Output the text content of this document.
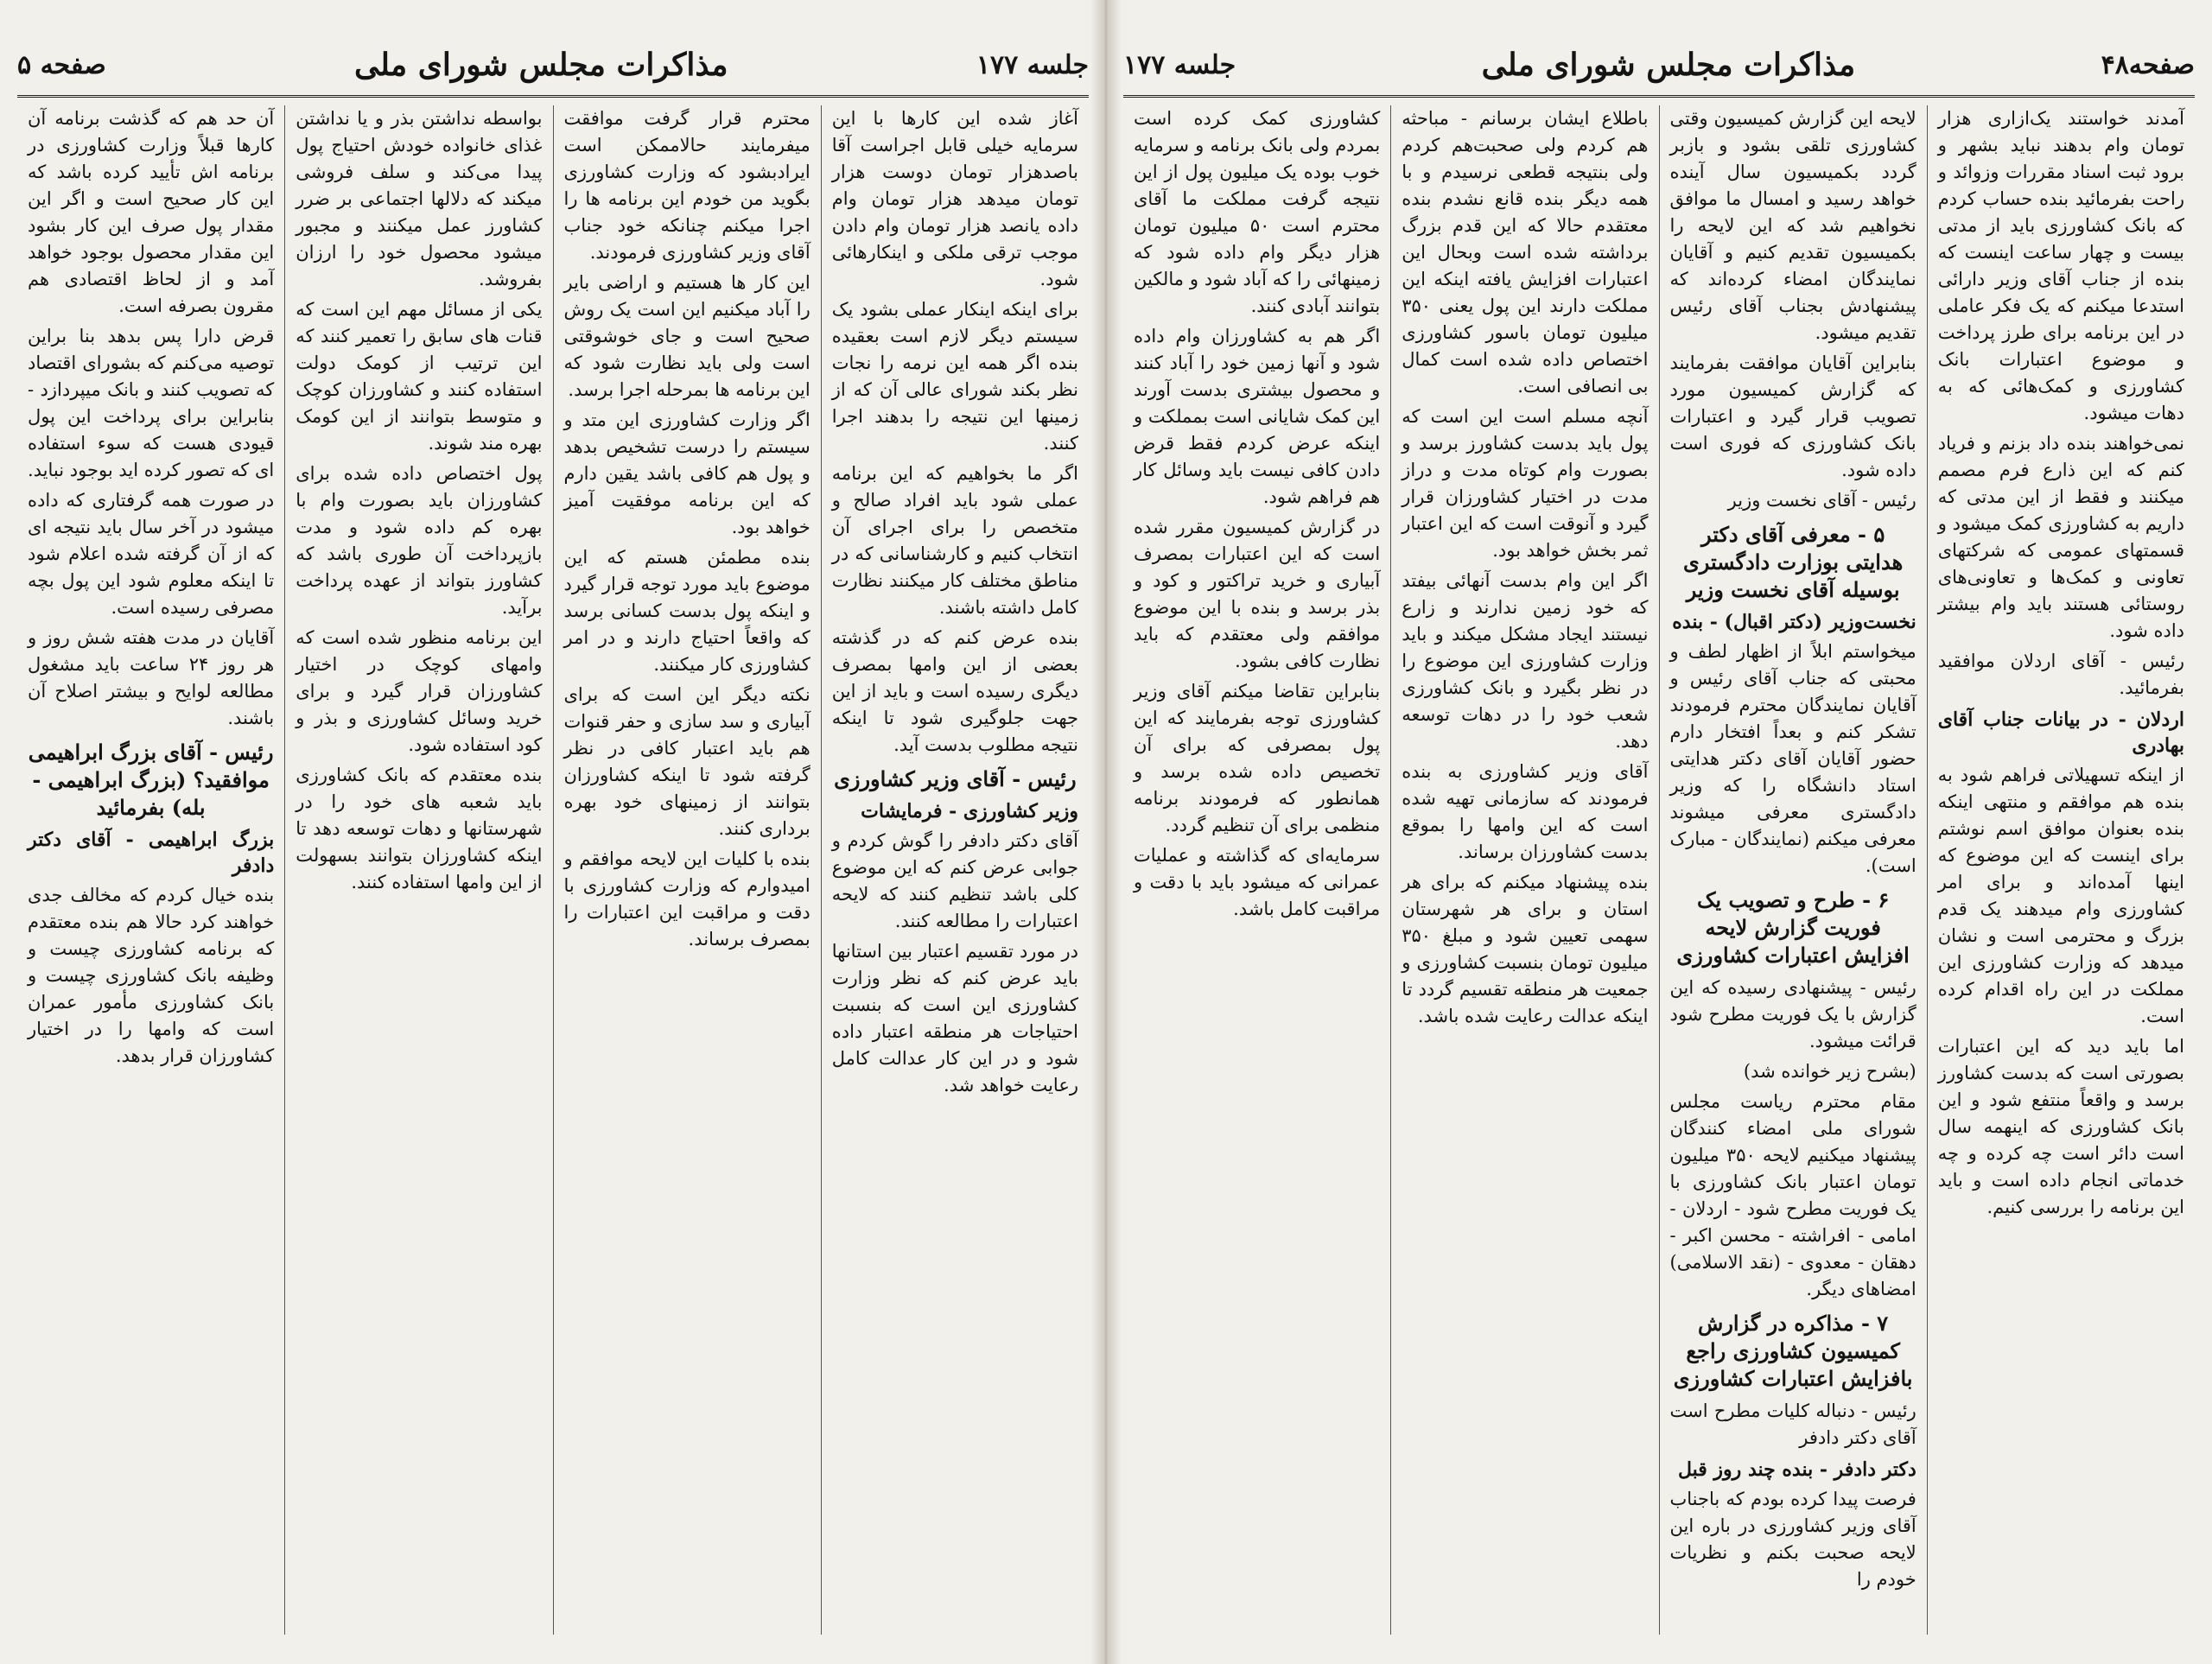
جلسه ۱۷۷
مذاکرات مجلس شورای ملی
صفحه ۵

آغاز شده این کارها با این سرمایه خیلی قابل اجراست آقا باصدهزار تومان دوست هزار تومان میدهد هزار تومان وام داده یانصد هزار تومان وام دادن موجب ترقی ملکی و اینکارهائی شود.

برای اینکه اینکار عملی بشود یک سیستم دیگر لازم است بعقیده بنده اگر همه این نرمه را نجات نظر بکند شورای عالی آن که از زمینها این نتیجه را بدهند اجرا کنند.

اگر ما بخواهیم که این برنامه عملی شود باید افراد صالح و متخصص را برای اجرای آن انتخاب کنیم و کارشناسانی که در مناطق مختلف کار میکنند نظارت کامل داشته باشند.

بنده عرض کنم که در گذشته بعضی از این وامها بمصرف دیگری رسیده است و باید از این جهت جلوگیری شود تا اینکه نتیجه مطلوب بدست آید.

رئیس - آقای وزیر کشاورزی
وزیر کشاورزی - فرمایشات

آقای دکتر دادفر را گوش کردم و جوابی عرض کنم که این موضوع کلی باشد تنظیم کنند که لایحه اعتبارات را مطالعه کنند.

در مورد تقسیم اعتبار بین استانها باید عرض کنم که نظر وزارت کشاورزی این است که بنسبت احتیاجات هر منطقه اعتبار داده شود و در این کار عدالت کامل رعایت خواهد شد.

محترم قرار گرفت موافقت میفرمایند حالاممکن است ایرادبشود که وزارت کشاورزی بگوید من خودم این برنامه ها را اجرا میکنم چنانکه خود جناب آقای وزیر کشاورزی فرمودند.

این کار ها هستیم و اراضی بایر را آباد میکنیم این است یک روش صحیح است و جای خوشوقتی است ولی باید نظارت شود که این برنامه ها بمرحله اجرا برسد.

اگر وزارت کشاورزی این متد و سیستم را درست تشخیص بدهد و پول هم کافی باشد یقین دارم که این برنامه موفقیت آمیز خواهد بود.

بنده مطمئن هستم که این موضوع باید مورد توجه قرار گیرد و اینکه پول بدست کسانی برسد که واقعاً احتیاج دارند و در امر کشاورزی کار میکنند.

نکته دیگر این است که برای آبیاری و سد سازی و حفر قنوات هم باید اعتبار کافی در نظر گرفته شود تا اینکه کشاورزان بتوانند از زمینهای خود بهره برداری کنند.

بنده با کلیات این لایحه موافقم و امیدوارم که وزارت کشاورزی با دقت و مراقبت این اعتبارات را بمصرف برساند.

بواسطه نداشتن بذر و یا نداشتن غذای خانواده خودش احتیاج پول پیدا می‌کند و سلف فروشی میکند که دلالها اجتماعی بر ضرر کشاورز عمل میکنند و مجبور میشود محصول خود را ارزان بفروشد.

یکی از مسائل مهم این است که قنات های سابق را تعمیر کنند که این ترتیب از کومک دولت استفاده کنند و کشاورزان کوچک و متوسط بتوانند از این کومک بهره مند شوند.

پول اختصاص داده شده برای کشاورزان باید بصورت وام با بهره کم داده شود و مدت بازپرداخت آن طوری باشد که کشاورز بتواند از عهده پرداخت برآید.

این برنامه منظور شده است که وامهای کوچک در اختیار کشاورزان قرار گیرد و برای خرید وسائل کشاورزی و بذر و کود استفاده شود.

بنده معتقدم که بانک کشاورزی باید شعبه های خود را در شهرستانها و دهات توسعه دهد تا اینکه کشاورزان بتوانند بسهولت از این وامها استفاده کنند.

آن حد هم که گذشت برنامه آن کارها قبلاً وزارت کشاورزی در برنامه اش تأیید کرده باشد که این کار صحیح است و اگر این مقدار پول صرف این کار بشود این مقدار محصول بوجود خواهد آمد و از لحاظ اقتصادی هم مقرون بصرفه است.

قرض دارا پس بدهد بنا براین توصیه می‌کنم که بشورای اقتصاد که تصویب کنند و بانک میپردازد - بنابراین برای پرداخت این پول قیودی هست که سوء استفاده ای که تصور کرده اید بوجود نباید.

در صورت همه گرفتاری که داده میشود در آخر سال باید نتیجه ای که از آن گرفته شده اعلام شود تا اینکه معلوم شود این پول بچه مصرفی رسیده است.

آقایان در مدت هفته شش روز و هر روز ۲۴ ساعت باید مشغول مطالعه لوایح و بیشتر اصلاح آن باشند.

رئیس - آقای بزرگ ابراهیمی موافقید؟ (بزرگ ابراهیمی - بله) بفرمائید
بزرگ ابراهیمی - آقای دکتر دادفر

بنده خیال کردم که مخالف جدی خواهند کرد حالا هم بنده معتقدم که برنامه کشاورزی چیست و وظیفه بانک کشاورزی چیست و بانک کشاورزی مأمور عمران است که وامها را در اختیار کشاورزان قرار بدهد.

صفحه۴۸
مذاکرات مجلس شورای ملی
جلسه ۱۷۷

آمدند خواستند یک‌ازاری هزار تومان وام بدهند نباید بشهر و برود ثبت اسناد مقررات وزوائد و راحت بفرمائید بنده حساب کردم که بانک کشاورزی باید از مدتی بیست و چهار ساعت اینست که بنده از جناب آقای وزیر دارائی استدعا میکنم که یک فکر عاملی در این برنامه برای طرز پرداخت و موضوع اعتبارات بانک کشاورزی و کمک‌هائی که به دهات میشود.

نمی‌خواهند بنده داد بزنم و فریاد کنم که این ذارع فرم مصمم میکنند و فقط از این مدتی که داریم به کشاورزی کمک میشود و قسمتهای عمومی که شرکتهای تعاونی و کمک‌ها و تعاونی‌های روستائی هستند باید وام بیشتر داده شود.

رئیس - آقای اردلان موافقید بفرمائید.

اردلان - در بیانات جناب آقای بهادری

از اینکه تسهیلاتی فراهم شود به بنده هم موافقم و منتهی اینکه بنده بعنوان موافق اسم نوشتم برای اینست که این موضوع که اینها آمده‌اند و برای امر کشاورزی وام میدهند یک قدم بزرگ و محترمی است و نشان میدهد که وزارت کشاورزی این مملکت در این راه اقدام کرده است.

اما باید دید که این اعتبارات بصورتی است که بدست کشاورز برسد و واقعاً منتفع شود و این بانک کشاورزی که اینهمه سال است دائر است چه کرده و چه خدماتی انجام داده است و باید این برنامه را بررسی کنیم.

لایحه این گزارش کمیسیون وقتی کشاورزی تلقی بشود و بازبر گردد بکمیسیون سال آینده خواهد رسید و امسال ما موافق نخواهیم شد که این لایحه را بکمیسیون تقدیم کنیم و آقایان نمایندگان امضاء کرده‌اند که پیشنهادش بجناب آقای رئیس تقدیم میشود.

بنابراین آقایان موافقت بفرمایند که گزارش کمیسیون مورد تصویب قرار گیرد و اعتبارات بانک کشاورزی که فوری است داده شود.

رئیس - آقای نخست وزیر

۵ - معرفی آقای دکتر هدایتی بوزارت دادگستری بوسیله آقای نخست وزیر
نخست‌وزیر (دکتر اقبال) - بنده

میخواستم ابلاً از اظهار لطف و محبتی که جناب آقای رئیس و آقایان نمایندگان محترم فرمودند تشکر کنم و بعداً افتخار دارم حضور آقایان آقای دکتر هدایتی استاد دانشگاه را که وزیر دادگستری معرفی میشوند معرفی میکنم (نمایندگان - مبارک است).

۶ - طرح و تصویب یک فوریت گزارش لایحه افزایش اعتبارات کشاورزی

رئیس - پیشنهادی رسیده که این گزارش با یک فوریت مطرح شود قرائت میشود.

(بشرح زیر خوانده شد)

مقام محترم ریاست مجلس شورای ملی امضاء کنندگان پیشنهاد میکنیم لایحه ۳۵۰ میلیون تومان اعتبار بانک کشاورزی با یک فوریت مطرح شود - اردلان - امامی - افراشته - محسن اکبر - دهقان - معدوی - (نقد الاسلامی) امضاهای دیگر.

۷ - مذاکره در گزارش کمیسیون کشاورزی راجع بافزایش اعتبارات کشاورزی

رئیس - دنباله کلیات مطرح است آقای دکتر دادفر

دکتر دادفر - بنده چند روز قبل

فرصت پیدا کرده بودم که باجناب آقای وزیر کشاورزی در باره این لایحه صحبت بکنم و نظریات خودم را

باطلاع ایشان برسانم - مباحثه هم کردم ولی صحبت‌هم کردم ولی بنتیجه قطعی نرسیدم و با همه دیگر بنده قانع نشدم بنده معتقدم حالا که این قدم بزرگ برداشته شده است وبحال این اعتبارات افزایش یافته اینکه این مملکت دارند این پول یعنی ۳۵۰ میلیون تومان باسور کشاورزی اختصاص داده شده است کمال بی انصافی است.

آنچه مسلم است این است که پول باید بدست کشاورز برسد و بصورت وام کوتاه مدت و دراز مدت در اختیار کشاورزان قرار گیرد و آنوقت است که این اعتبار ثمر بخش خواهد بود.

اگر این وام بدست آنهائی بیفتد که خود زمین ندارند و زارع نیستند ایجاد مشکل میکند و باید وزارت کشاورزی این موضوع را در نظر بگیرد و بانک کشاورزی شعب خود را در دهات توسعه دهد.

آقای وزیر کشاورزی به بنده فرمودند که سازمانی تهیه شده است که این وامها را بموقع بدست کشاورزان برساند.

بنده پیشنهاد میکنم که برای هر استان و برای هر شهرستان سهمی تعیین شود و مبلغ ۳۵۰ میلیون تومان بنسبت کشاورزی و جمعیت هر منطقه تقسیم گردد تا اینکه عدالت رعایت شده باشد.

کشاورزی کمک کرده است بمردم ولی بانک برنامه و سرمایه خوب بوده یک میلیون پول از این نتیجه گرفت مملکت ما آقای محترم است ۵۰ میلیون تومان هزار دیگر وام داده شود که زمینهائی را که آباد شود و مالکین بتوانند آبادی کنند.

اگر هم به کشاورزان وام داده شود و آنها زمین خود را آباد کنند و محصول بیشتری بدست آورند این کمک شایانی است بمملکت و اینکه عرض کردم فقط قرض دادن کافی نیست باید وسائل کار هم فراهم شود.

در گزارش کمیسیون مقرر شده است که این اعتبارات بمصرف آبیاری و خرید تراکتور و کود و بذر برسد و بنده با این موضوع موافقم ولی معتقدم که باید نظارت کافی بشود.

بنابراین تقاضا میکنم آقای وزیر کشاورزی توجه بفرمایند که این پول بمصرفی که برای آن تخصیص داده شده برسد و همانطور که فرمودند برنامه منظمی برای آن تنظیم گردد.

سرمایه‌ای که گذاشته و عملیات عمرانی که میشود باید با دقت و مراقبت کامل باشد.
